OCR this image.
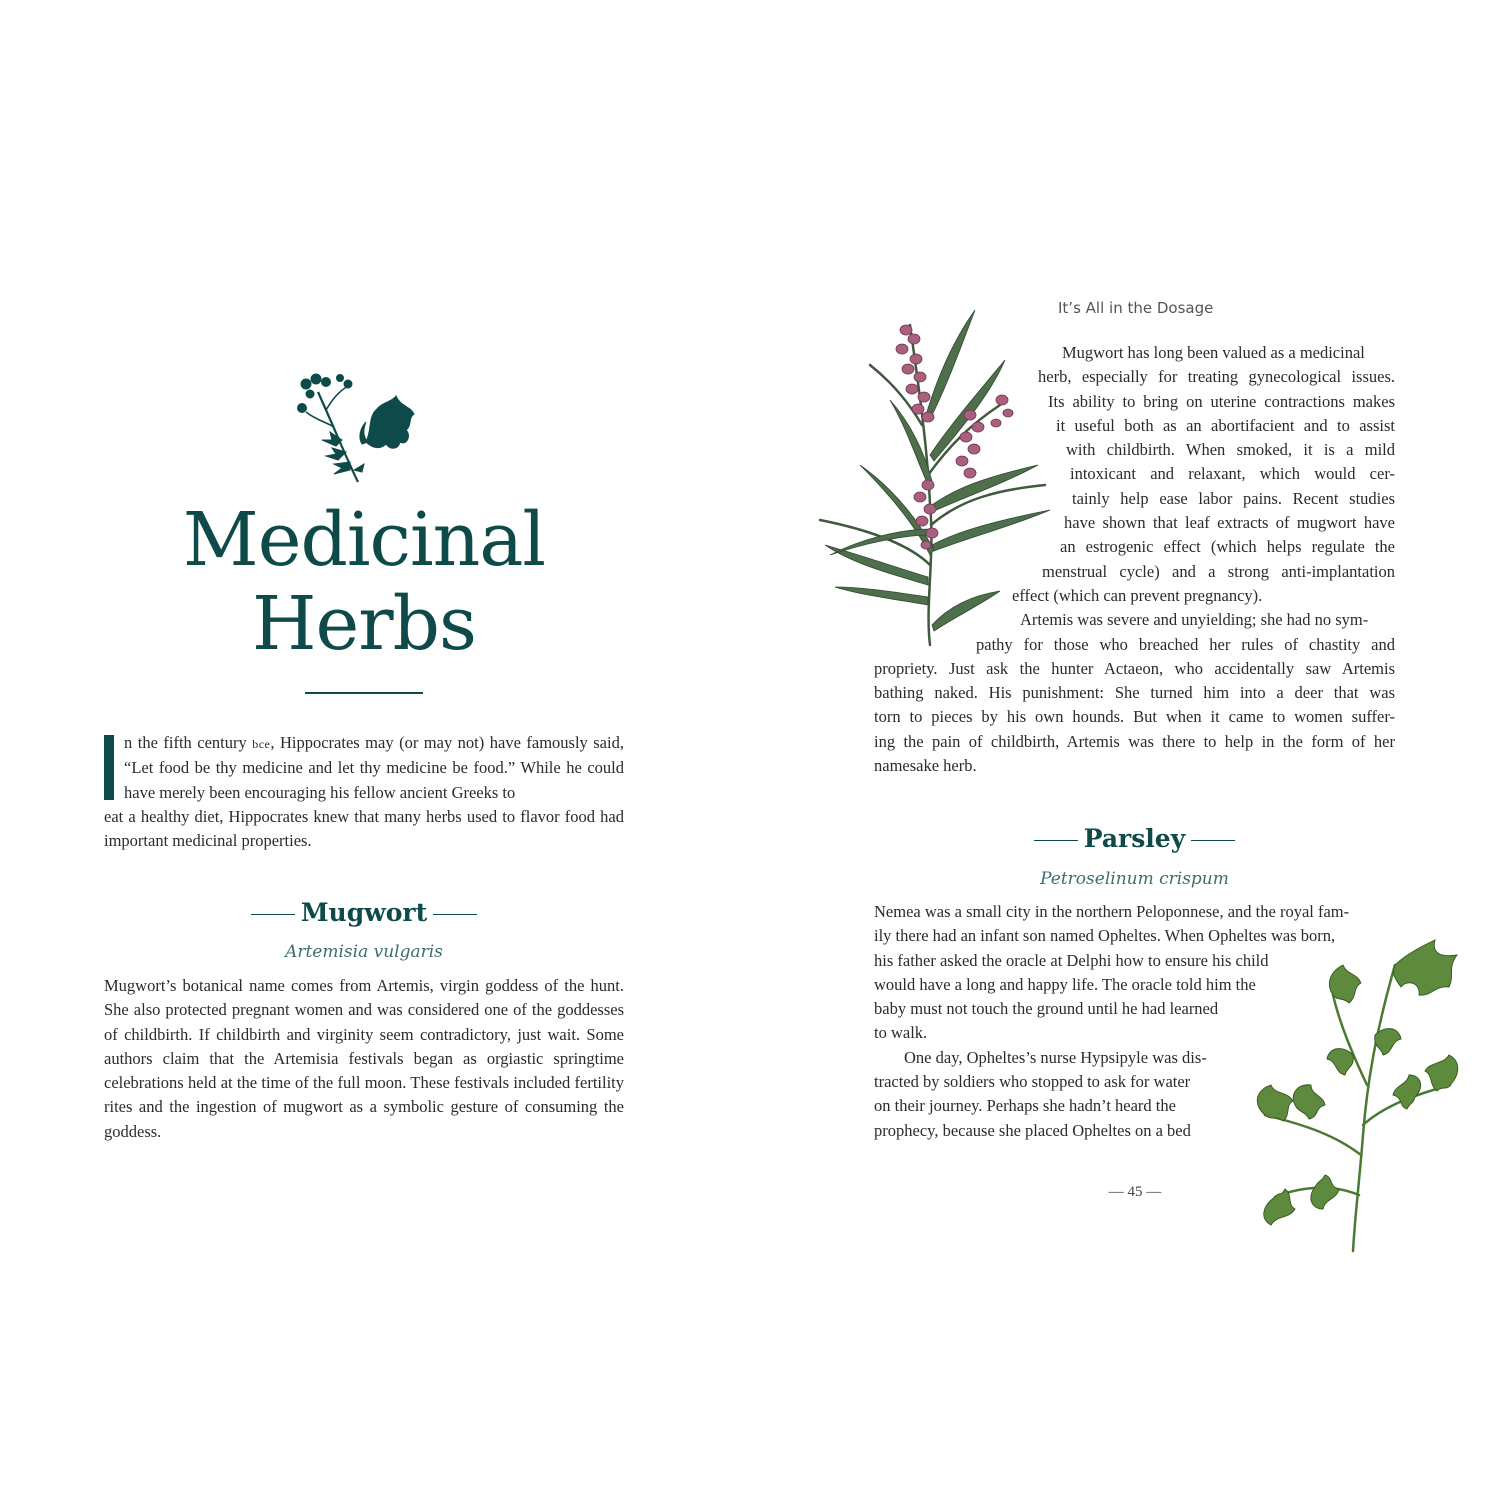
Medicinal
Herbs
n the fifth century bce, Hippocrates may (or may not) have famously said, “Let food be thy medicine and let thy medicine be food.” While he could have merely been encouraging his fellow ancient Greeks to
eat a healthy diet, Hippocrates knew that many herbs used to flavor food had important medicinal properties.
Mugwort
Artemisia vulgaris
Mugwort’s botanical name comes from Artemis, virgin goddess of the hunt. She also protected pregnant women and was considered one of the goddesses of childbirth. If childbirth and virginity seem contradictory, just wait. Some authors claim that the Artemisia festivals began as orgiastic springtime celebrations held at the time of the full moon. These festivals included fertility rites and the ingestion of mugwort as a symbolic gesture of consuming the goddess.
It’s All in the Dosage
Mugwort has long been valued as a medicinal
herb, especially for treating gynecological issues.
Its ability to bring on uterine contractions makes
it useful both as an abortifacient and to assist
with childbirth. When smoked, it is a mild
intoxicant and relaxant, which would cer-
tainly help ease labor pains. Recent studies
have shown that leaf extracts of mugwort have
an estrogenic effect (which helps regulate the
menstrual cycle) and a strong anti-implantation
effect (which can prevent pregnancy).
Artemis was severe and unyielding; she had no sym-
pathy for those who breached her rules of chastity and
propriety. Just ask the hunter Actaeon, who accidentally saw Artemis
bathing naked. His punishment: She turned him into a deer that was
torn to pieces by his own hounds. But when it came to women suffer-
ing the pain of childbirth, Artemis was there to help in the form of her
namesake herb.
Parsley
Petroselinum crispum
Nemea was a small city in the northern Peloponnese, and the royal fam-
ily there had an infant son named Opheltes. When Opheltes was born,
his father asked the oracle at Delphi how to ensure his child
would have a long and happy life. The oracle told him the
baby must not touch the ground until he had learned
to walk.
One day, Opheltes’s nurse Hypsipyle was dis-
tracted by soldiers who stopped to ask for water
on their journey. Perhaps she hadn’t heard the
prophecy, because she placed Opheltes on a bed
— 45 —
